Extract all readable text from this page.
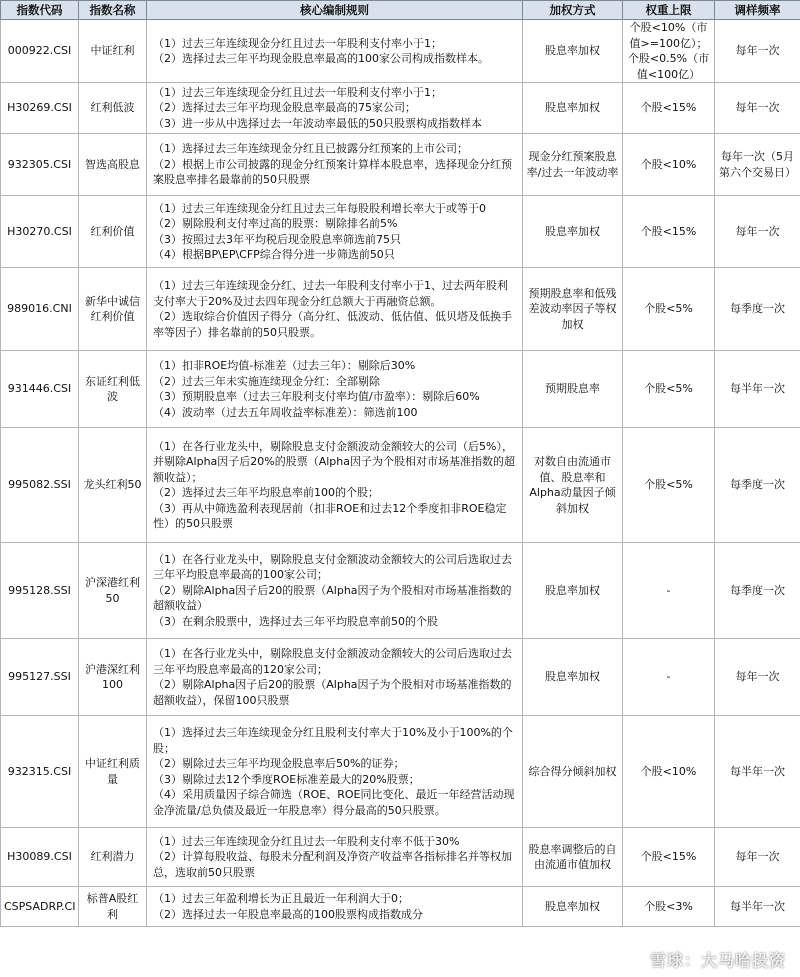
指数代码	指数名称	核心编制规则	加权方式	权重上限	调样频率
000922.CSI	中证红利	（1）过去三年连续现金分红且过去一年股利支付率小于1；
（2）选择过去三年平均现金股息率最高的100家公司构成指数样本。	股息率加权	个股<10%（市值>=100亿）；个股<0.5%（市值<100亿）	每年一次
H30269.CSI	红利低波	（1）过去三年连续现金分红且过去一年股利支付率小于1；
（2）选择过去三年平均现金股息率最高的75家公司；
（3）进一步从中选择过去一年波动率最低的50只股票构成指数样本	股息率加权	个股<15%	每年一次
932305.CSI	智选高股息	（1）选择过去三年连续现金分红且已披露分红预案的上市公司；
（2）根据上市公司披露的现金分红预案计算样本股息率，选择现金分红预案股息率排名最靠前的50只股票	现金分红预案股息率/过去一年波动率	个股<10%	每年一次（5月第六个交易日）
H30270.CSI	红利价值	（1）过去三年连续现金分红且过去三年每股股利增长率大于或等于0
（2）剔除股利支付率过高的股票：剔除排名前5%
（3）按照过去3年平均税后现金股息率筛选前75只
（4）根据BP\EP\CFP综合得分进一步筛选前50只	股息率加权	个股<15%	每年一次
989016.CNI	新华中诚信红利价值	（1）过去三年连续现金分红、过去一年股利支付率小于1、过去两年股利支付率大于20%及过去四年现金分红总额大于再融资总额。
（2）选取综合价值因子得分（高分红、低波动、低估值、低贝塔及低换手率等因子）排名靠前的50只股票。	预期股息率和低残差波动率因子等权加权	个股<5%	每季度一次
931446.CSI	东证红利低波	（1）扣非ROE均值-标准差（过去三年）：剔除后30%
（2）过去三年未实施连续现金分红：全部剔除
（3）预期股息率（过去三年股利支付率均值/市盈率）：剔除后60%
（4）波动率（过去五年周收益率标准差）：筛选前100	预期股息率	个股<5%	每半年一次
995082.SSI	龙头红利50	（1）在各行业龙头中，剔除股息支付金额波动金额较大的公司（后5%），并剔除Alpha因子后20%的股票（Alpha因子为个股相对市场基准指数的超额收益）；
（2）选择过去三年平均股息率前100的个股；
（3）再从中筛选盈利表现居前（扣非ROE和过去12个季度扣非ROE稳定性）的50只股票	对数自由流通市值、股息率和Alpha动量因子倾斜加权	个股<5%	每季度一次
995128.SSI	沪深港红利50	（1）在各行业龙头中，剔除股息支付金额波动金额较大的公司后选取过去三年平均股息率最高的100家公司；
（2）剔除Alpha因子后20的股票（Alpha因子为个股相对市场基准指数的超额收益）
（3）在剩余股票中，选择过去三年平均股息率前50的个股	股息率加权	-	每季度一次
995127.SSI	沪港深红利100	（1）在各行业龙头中，剔除股息支付金额波动金额较大的公司后选取过去三年平均股息率最高的120家公司；
（2）剔除Alpha因子后20的股票（Alpha因子为个股相对市场基准指数的超额收益），保留100只股票	股息率加权	-	每年一次
932315.CSI	中证红利质量	（1）选择过去三年连续现金分红且股利支付率大于10%及小于100%的个股；
（2）剔除过去三年平均现金股息率后50%的证券；
（3）剔除过去12个季度ROE标准差最大的20%股票；
（4）采用质量因子综合筛选（ROE、ROE同比变化、最近一年经营活动现金净流量/总负债及最近一年股息率）得分最高的50只股票。	综合得分倾斜加权	个股<10%	每半年一次
H30089.CSI	红利潜力	（1）过去三年连续现金分红且过去一年股利支付率不低于30%
（2）计算每股收益、每股未分配利润及净资产收益率各指标排名并等权加总，选取前50只股票	股息率调整后的自由流通市值加权	个股<15%	每年一次
CSPSADRP.CI	标普A股红利	（1）过去三年盈利增长为正且最近一年利润大于0；
（2）选择过去一年股息率最高的100股票构成指数成分	股息率加权	个股<3%	每半年一次
雪球：大马哈投资
